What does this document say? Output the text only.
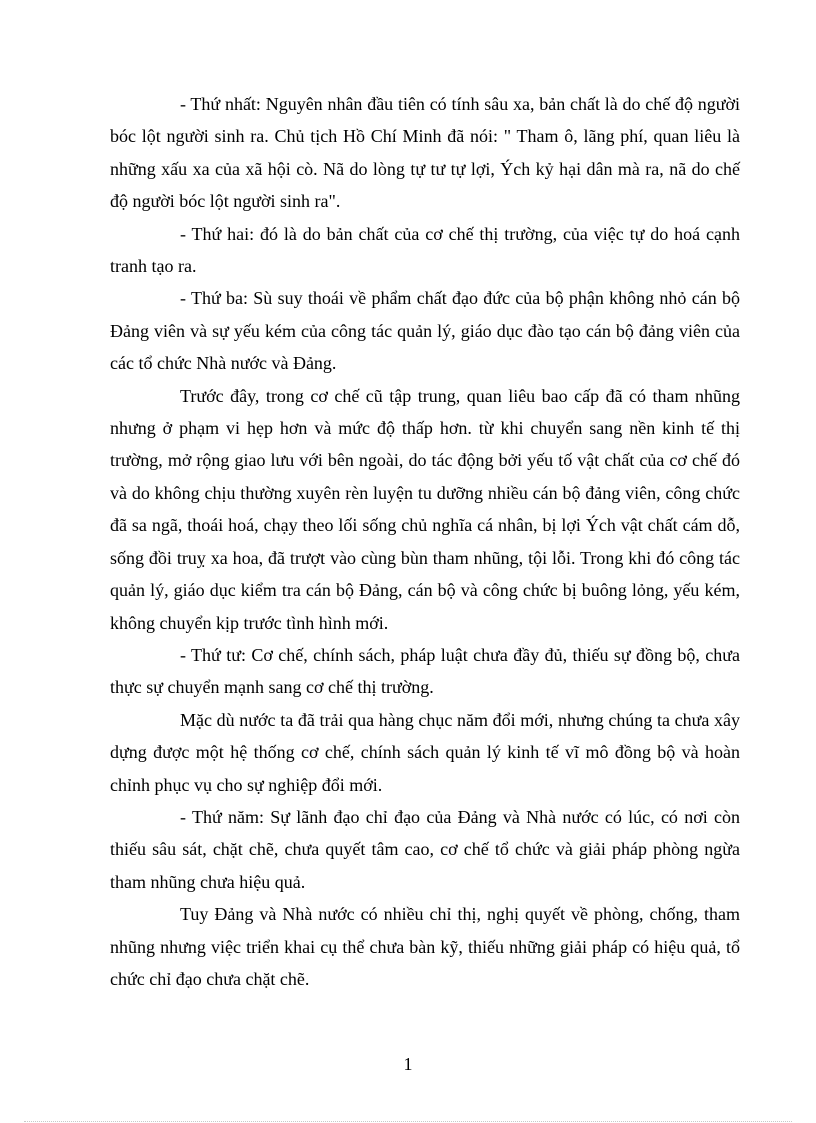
- Thứ nhất: Nguyên nhân đầu tiên có tính sâu xa, bản chất là do chế độ người bóc lột người sinh ra. Chủ tịch Hồ Chí Minh đã nói: " Tham ô, lãng phí, quan liêu là những xấu xa của xã hội cò. Nã do lòng tự tư tự lợi, Ých kỷ hại dân mà ra, nã do chế độ người bóc lột người sinh ra".

- Thứ hai: đó là do bản chất của cơ chế thị trường, của việc tự do hoá cạnh tranh tạo ra.

- Thứ ba: Sù suy thoái về phẩm chất đạo đức của bộ phận không nhỏ cán bộ Đảng viên và sự yếu kém của công tác quản lý, giáo dục đào tạo cán bộ đảng viên của các tổ chức Nhà nước và Đảng.

Trước đây, trong cơ chế cũ tập trung, quan liêu bao cấp đã có tham nhũng nhưng ở phạm vi hẹp hơn và mức độ thấp hơn. từ khi chuyển sang nền kinh tế thị trường, mở rộng giao lưu với bên ngoài, do tác động bởi yếu tố vật chất của cơ chế đó và do không chịu thường xuyên rèn luyện tu dưỡng nhiều cán bộ đảng viên, công chức đã sa ngã, thoái hoá, chạy theo lối sống chủ nghĩa cá nhân, bị lợi Ých vật chất cám dỗ, sống đồi truỵ xa hoa, đã trượt vào cùng bùn tham nhũng, tội lỗi. Trong khi đó công tác quản lý, giáo dục kiểm tra cán bộ Đảng, cán bộ và công chức bị buông lỏng, yếu kém, không chuyển kịp trước tình hình mới.

- Thứ tư: Cơ chế, chính sách, pháp luật chưa đầy đủ, thiếu sự đồng bộ, chưa thực sự chuyển mạnh sang cơ chế thị trường.

Mặc dù nước ta đã trải qua hàng chục năm đổi mới, nhưng chúng ta chưa xây dựng được một hệ thống cơ chế, chính sách quản lý kinh tế vĩ mô đồng bộ và hoàn chỉnh phục vụ cho sự nghiệp đổi mới.

- Thứ năm: Sự lãnh đạo chỉ đạo của Đảng và Nhà nước có lúc, có nơi còn thiếu sâu sát, chặt chẽ, chưa quyết tâm cao, cơ chế tổ chức và giải pháp phòng ngừa tham nhũng chưa hiệu quả.

Tuy Đảng và Nhà nước có nhiều chỉ thị, nghị quyết về phòng, chống, tham nhũng nhưng việc triển khai cụ thể chưa bàn kỹ, thiếu những giải pháp có hiệu quả, tổ chức chỉ đạo chưa chặt chẽ.

1
